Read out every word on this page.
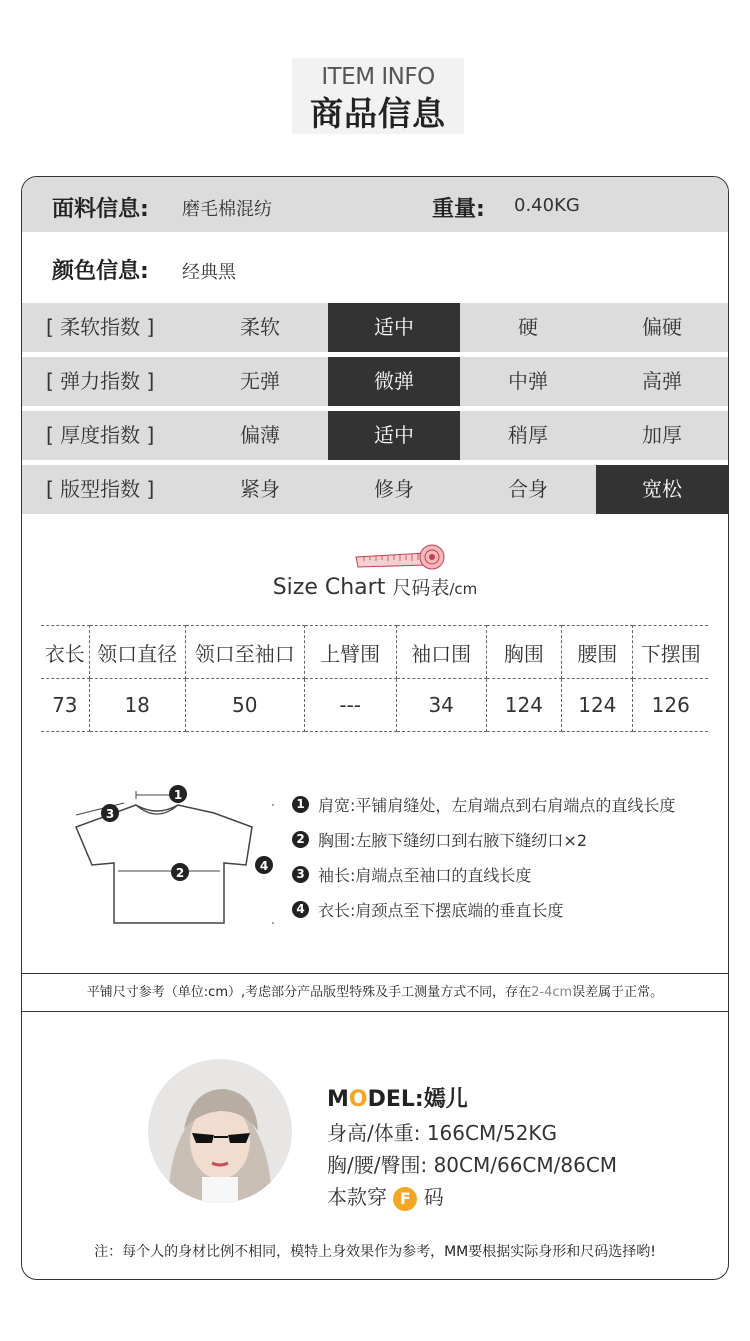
ITEM INFO
商品信息
面料信息: 磨毛棉混纺	重量: 0.40KG
颜色信息: 经典黑
[ 柔软指数 ]	柔软	适中	硬	偏硬
[ 弹力指数 ]	无弹	微弹	中弹	高弹
[ 厚度指数 ]	偏薄	适中	稍厚	加厚
[ 版型指数 ]	紧身	修身	合身	宽松
Size Chart 尺码表/cm
衣长	领口直径	领口至袖口	上臂围	袖口围	胸围	腰围	下摆围
73	18	50	---	34	124	124	126
1
2
3
4
1 肩宽: 平铺肩缝处，左肩端点到右肩端点的直线长度
2 胸围: 左腋下缝纫口到右腋下缝纫口×2
3 袖长: 肩端点至袖口的直线长度
4 衣长: 肩颈点至下摆底端的垂直长度
平铺尺寸参考（单位:cm）,考虑部分产品版型特殊及手工测量方式不同，存在2-4cm误差属于正常。
MODEL:嫣儿
身高/体重: 166CM/52KG
胸/腰/臀围: 80CM/66CM/86CM
本款穿 F 码
注：每个人的身材比例不相同，模特上身效果作为参考，MM要根据实际身形和尺码选择哟!
